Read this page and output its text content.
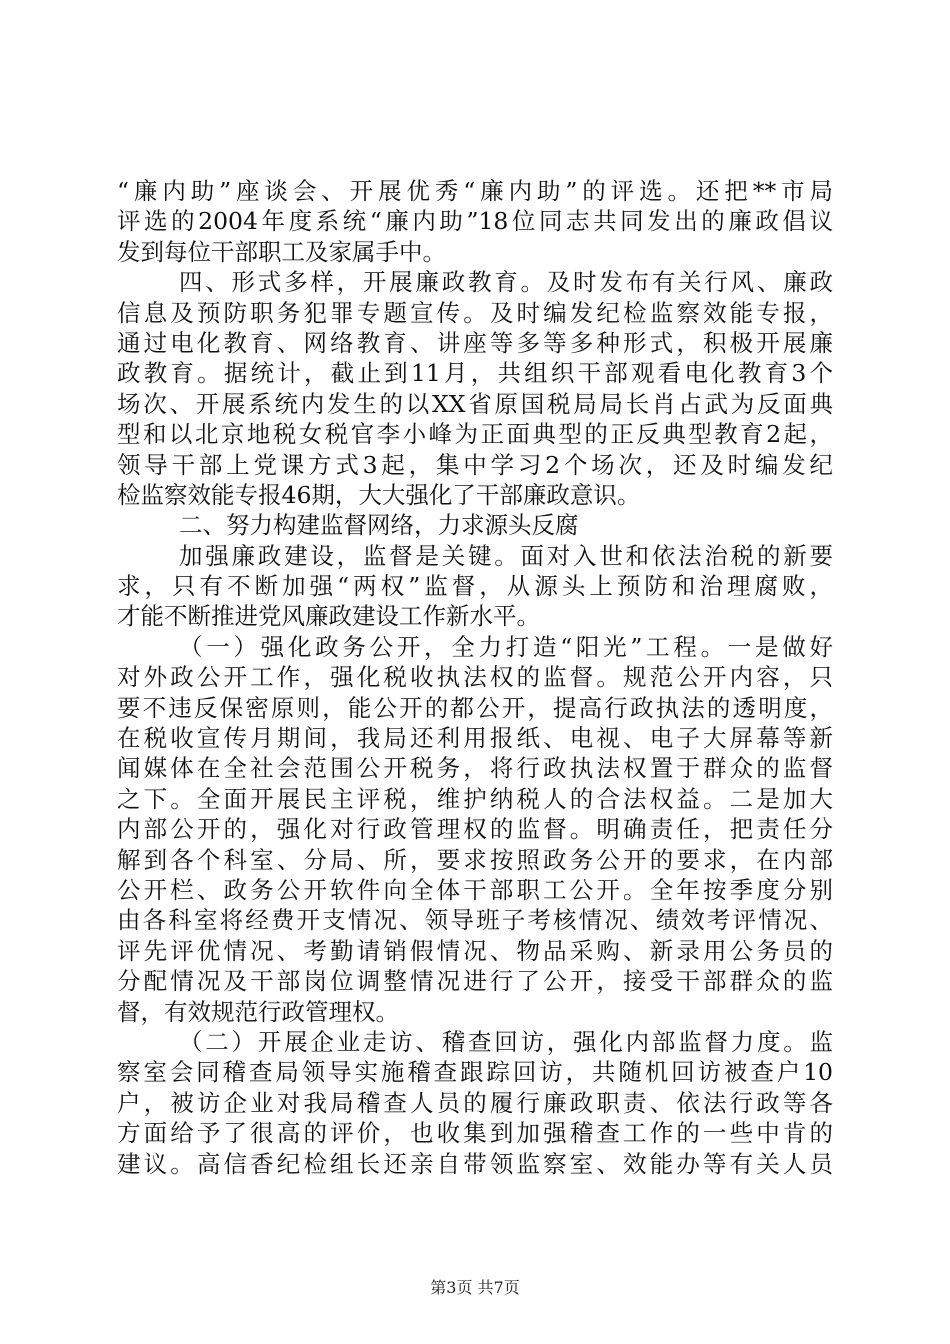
“廉内助”座谈会、开展优秀“廉内助”的评选。还把**市局
评选的2004年度系统“廉内助”18位同志共同发出的廉政倡议
发到每位干部职工及家属手中。
四、形式多样，开展廉政教育。及时发布有关行风、廉政
信息及预防职务犯罪专题宣传。及时编发纪检监察效能专报，
通过电化教育、网络教育、讲座等多等多种形式，积极开展廉
政教育。据统计，截止到11月，共组织干部观看电化教育3个
场次、开展系统内发生的以XX省原国税局局长肖占武为反面典
型和以北京地税女税官李小峰为正面典型的正反典型教育2起，
领导干部上党课方式3起，集中学习2个场次，还及时编发纪
检监察效能专报46期，大大强化了干部廉政意识。
二、努力构建监督网络，力求源头反腐
加强廉政建设，监督是关键。面对入世和依法治税的新要
求，只有不断加强“两权”监督，从源头上预防和治理腐败，
才能不断推进党风廉政建设工作新水平。
（一）强化政务公开，全力打造“阳光”工程。一是做好
对外政公开工作，强化税收执法权的监督。规范公开内容，只
要不违反保密原则，能公开的都公开，提高行政执法的透明度，
在税收宣传月期间，我局还利用报纸、电视、电子大屏幕等新
闻媒体在全社会范围公开税务，将行政执法权置于群众的监督
之下。全面开展民主评税，维护纳税人的合法权益。二是加大
内部公开的，强化对行政管理权的监督。明确责任，把责任分
解到各个科室、分局、所，要求按照政务公开的要求，在内部
公开栏、政务公开软件向全体干部职工公开。全年按季度分别
由各科室将经费开支情况、领导班子考核情况、绩效考评情况、
评先评优情况、考勤请销假情况、物品采购、新录用公务员的
分配情况及干部岗位调整情况进行了公开，接受干部群众的监
督，有效规范行政管理权。
（二）开展企业走访、稽查回访，强化内部监督力度。监
察室会同稽查局领导实施稽查跟踪回访，共随机回访被查户10
户，被访企业对我局稽查人员的履行廉政职责、依法行政等各
方面给予了很高的评价，也收集到加强稽查工作的一些中肯的
建议。高信香纪检组长还亲自带领监察室、效能办等有关人员
第3页 共7页
